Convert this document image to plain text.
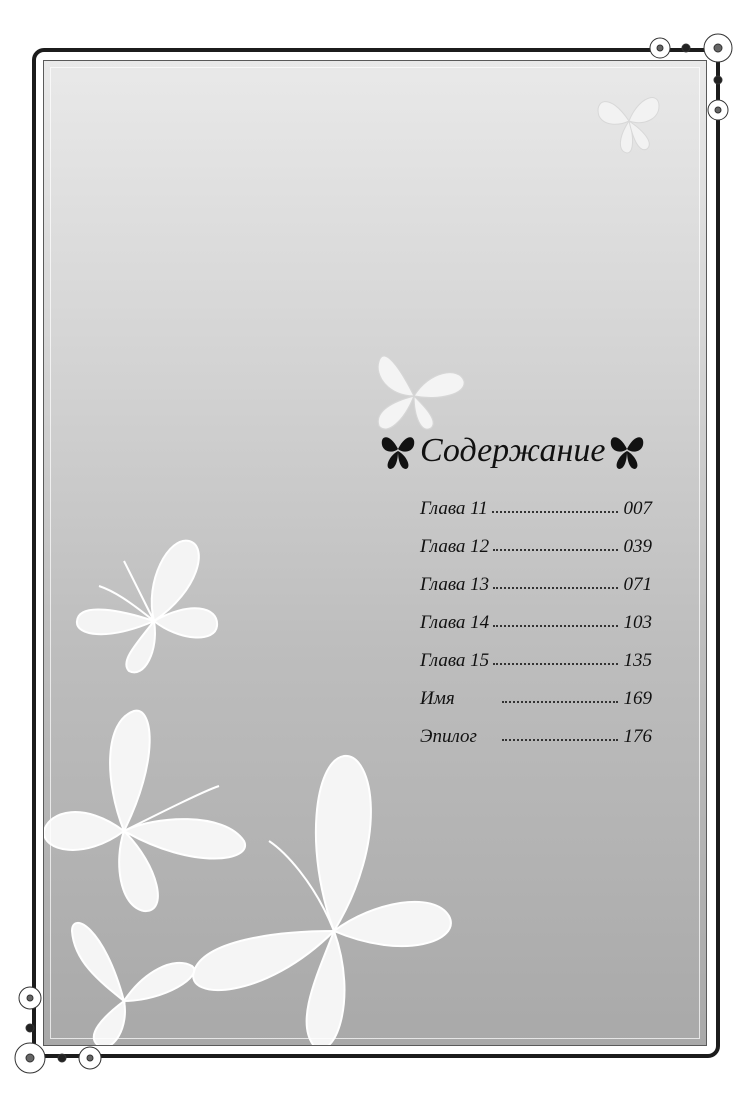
Содержание
Глава 11	007
Глава 12	039
Глава 13	071
Глава 14	103
Глава 15	135
Имя	169
Эпилог	176
